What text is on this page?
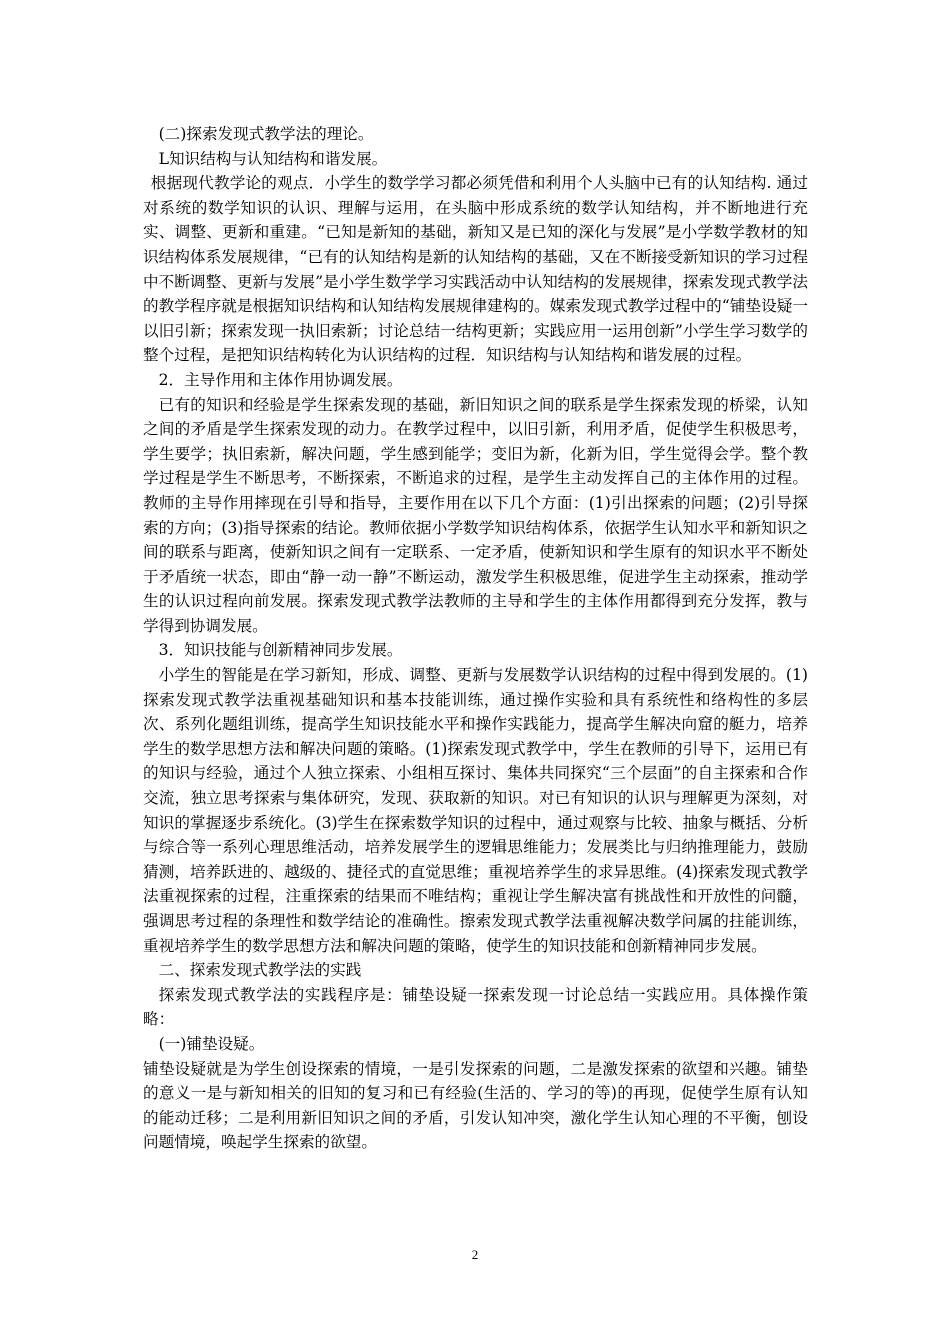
(二)探索发现式教学法的理论。

L知识结构与认知结构和谐发展。

根据现代教学论的观点．小学生的数学学习都必须凭借和利用个人头脑中已有的认知结构. 通过对系统的数学知识的认识、理解与运用，在头脑中形成系统的数学认知结构，并不断地进行充实、调整、更新和重建。“已知是新知的基础，新知又是已知的深化与发展”是小学数学教材的知识结构体系发展规律，“已有的认知结构是新的认知结构的基础，又在不断接受新知识的学习过程中不断调整、更新与发展”是小学生数学学习实践活动中认知结构的发展规律，探索发现式教学法的教学程序就是根据知识结构和认知结构发展规律建构的。媒索发现式教学过程中的“铺垫设疑一以旧引新；探索发现一执旧索新；讨论总结一结构更新；实践应用一运用创新”小学生学习数学的整个过程，是把知识结构转化为认识结构的过程．知识结构与认知结构和谐发展的过程。

2．主导作用和主体作用协调发展。

已有的知识和经验是学生探索发现的基础，新旧知识之间的联系是学生探索发现的桥梁，认知之间的矛盾是学生探索发现的动力。在教学过程中，以旧引新，利用矛盾，促使学生积极思考，学生要学；执旧索新，解决问题，学生感到能学；变旧为新，化新为旧，学生觉得会学。整个教学过程是学生不断思考，不断探索，不断追求的过程，是学生主动发挥自己的主体作用的过程。教师的主导作用摔现在引导和指导，主要作用在以下几个方面：(1)引出探索的问题；(2)引导探索的方向；(3)指导探索的结论。教师依据小学数学知识结构体系，依据学生认知水平和新知识之间的联系与距离，使新知识之间有一定联系、一定矛盾，使新知识和学生原有的知识水平不断处于矛盾统一状态，即由“静一动一静”不断运动，激发学生积极思维，促进学生主动探索，推动学生的认识过程向前发展。探索发现式教学法教师的主导和学生的主体作用都得到充分发挥，教与学得到协调发展。

3．知识技能与创新精神同步发展。

小学生的智能是在学习新知，形成、调整、更新与发展数学认识结构的过程中得到发展的。(1)探索发现式教学法重视基础知识和基本技能训练，通过操作实验和具有系统性和络构性的多层次、系列化题组训练，提高学生知识技能水平和操作实践能力，提高学生解决向窟的艇力，培养学生的数学思想方法和解决问题的策略。(1)探索发现式教学中，学生在教师的引导下，运用已有的知识与经验，通过个人独立探索、小组相互探讨、集体共同探究“三个层面”的自主探索和合作交流，独立思考探索与集体研究，发现、获取新的知识。对已有知识的认识与理解更为深刻，对知识的掌握逐步系统化。(3)学生在探索数学知识的过程中，通过观察与比较、抽象与概括、分析与综合等一系列心理思维活动，培养发展学生的逻辑思维能力；发展类比与归纳推理能力，鼓励猜测，培养跃进的、越级的、捷径式的直觉思维；重视培养学生的求异思维。(4)探索发现式教学法重视探索的过程，注重探索的结果而不唯结构；重视让学生解决富有挑战性和开放性的问髓，强调思考过程的条理性和数学结论的准确性。擦索发现式教学法重视解决数学问属的拄能训练，重视培养学生的数学思想方法和解决问题的策略，使学生的知识技能和创新精神同步发展。

二、探索发现式教学法的实践

探索发现式教学法的实践程序是：铺垫设疑一探索发现一讨论总结一实践应用。具体操作策略：

(一)铺垫设疑。

铺垫设疑就是为学生创设探索的情境，一是引发探索的问题，二是激发探索的欲望和兴趣。铺垫的意义一是与新知相关的旧知的复习和已有经验(生活的、学习的等)的再现，促使学生原有认知的能动迁移；二是利用新旧知识之间的矛盾，引发认知冲突，激化学生认知心理的不平衡，刨设问题情境，唤起学生探索的欲望。

2
